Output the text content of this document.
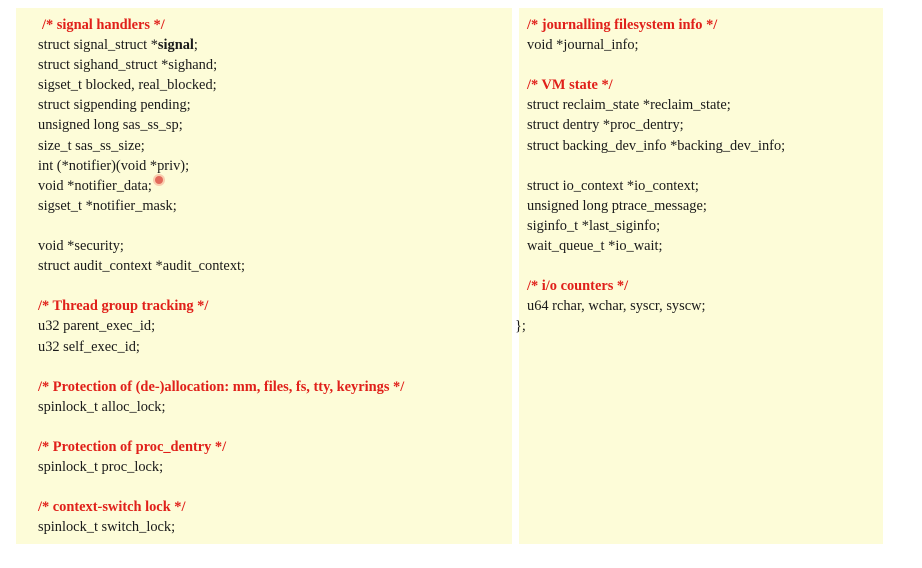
/* signal handlers */
struct signal_struct *signal;
struct sighand_struct *sighand;
sigset_t blocked, real_blocked;
struct sigpending pending;
unsigned long sas_ss_sp;
size_t sas_ss_size;
int (*notifier)(void *priv);
void *notifier_data;
sigset_t *notifier_mask;
void *security;
struct audit_context *audit_context;
/* Thread group tracking */
u32 parent_exec_id;
u32 self_exec_id;
/* Protection of (de-)allocation: mm, files, fs, tty, keyrings */
spinlock_t alloc_lock;
/* Protection of proc_dentry */
spinlock_t proc_lock;
/* context-switch lock */
spinlock_t switch_lock;
/* journalling filesystem info */
void *journal_info;
/* VM state */
struct reclaim_state *reclaim_state;
struct dentry *proc_dentry;
struct backing_dev_info *backing_dev_info;
struct io_context *io_context;
unsigned long ptrace_message;
siginfo_t *last_siginfo;
wait_queue_t *io_wait;
/* i/o counters */
u64 rchar, wchar, syscr, syscw;
};
